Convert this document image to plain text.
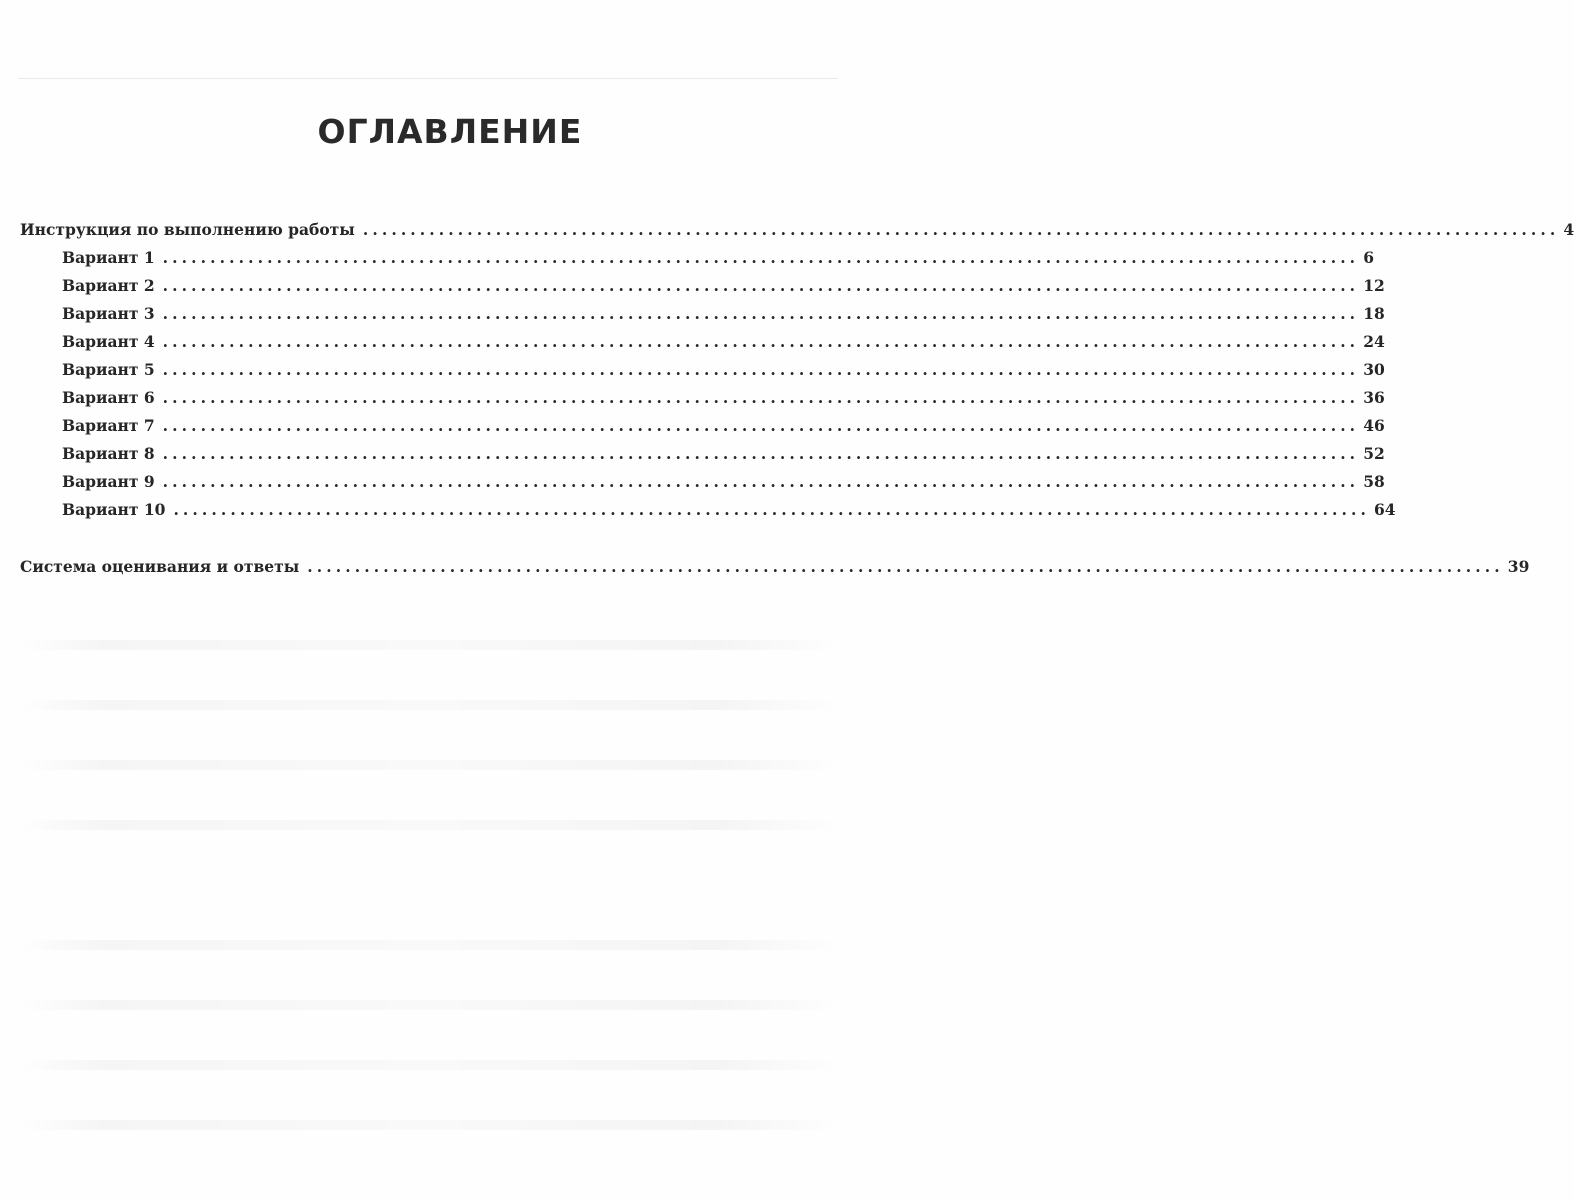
ОГЛАВЛЕНИЕ
Инструкция по выполнению работы .............................................................................................................................. 4
Вариант 1 .............................................................................................................................. 6
Вариант 2 .............................................................................................................................. 12
Вариант 3 .............................................................................................................................. 18
Вариант 4 .............................................................................................................................. 24
Вариант 5 .............................................................................................................................. 30
Вариант 6 .............................................................................................................................. 36
Вариант 7 .............................................................................................................................. 46
Вариант 8 .............................................................................................................................. 52
Вариант 9 .............................................................................................................................. 58
Вариант 10 .............................................................................................................................. 64
Система оценивания и ответы .............................................................................................................................. 39
